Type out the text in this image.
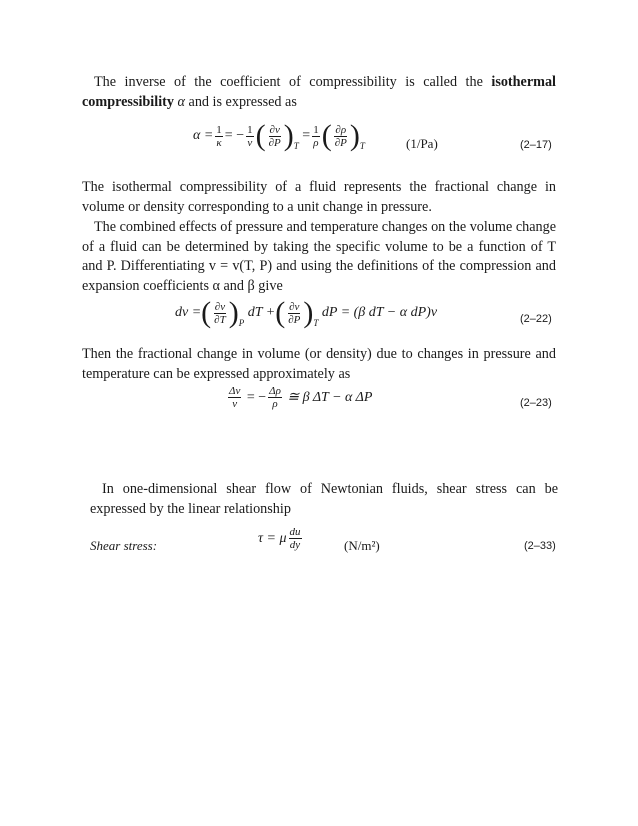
The inverse of the coefficient of compressibility is called the isothermal compressibility α and is expressed as

$\alpha = \frac{1}{\kappa}$ =
− $\frac{1}{v}$ ( $\frac{\partial v}{\partial P}$ ) T

= $\frac{1}{\rho}$ ( $\frac{\partial\rho}{\partial P}$ ) T	(1/Pa)	(2–17)

The isothermal compressibility of a fluid represents the fractional change in volume or density corresponding to a unit change in pressure.

The combined effects of pressure and temperature changes on the volume change of a fluid can be determined by taking the specific volume to be a function of T and P. Differentiating v = v(T, P) and using the definitions of the compression and expansion coefficients α and β give

dv = ( $\frac{\partial v}{\partial T}$ ) P

dT + ( $\frac{\partial v}{\partial P}$ ) T

dP = (β dT − α dP)v	(2–22)

Then the fractional change in volume (or density) due to changes in pressure and temperature can be expressed approximately as

$\frac{\Delta v}{v}$
= − $\frac{\Delta\rho}{\rho}$
≅ β ΔT − α ΔP	(2–23)

In one-dimensional shear flow of Newtonian fluids, shear stress can be expressed by the linear relationship

Shear stress:	τ = μ $\frac{du}{dy}$	(N/m²)	(2–33)
